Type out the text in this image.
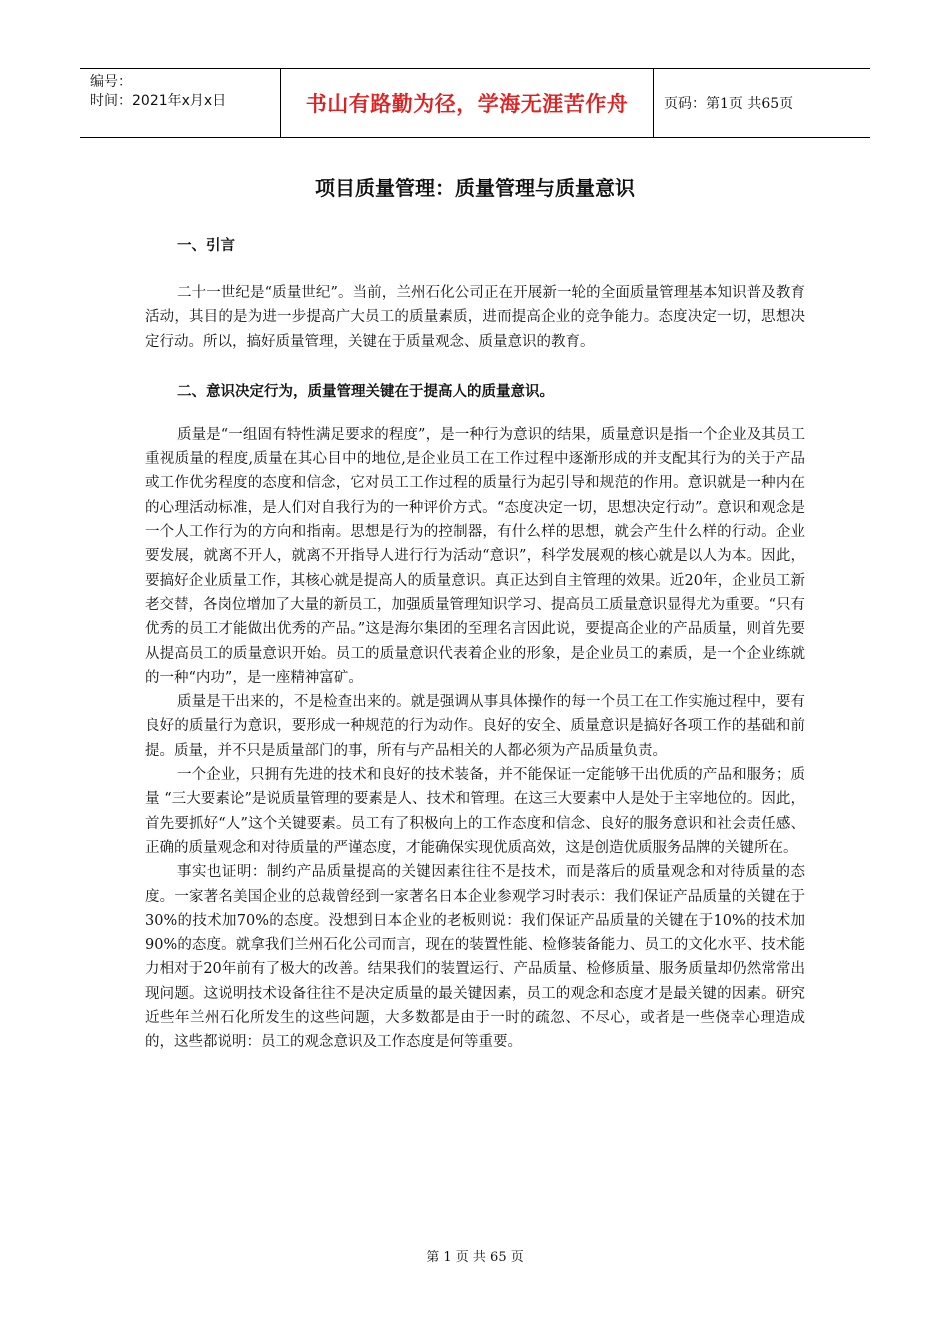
编号：
时间：2021年x月x日	书山有路勤为径，学海无涯苦作舟	页码：第1页 共65页
项目质量管理：质量管理与质量意识
一、引言

二十一世纪是“质量世纪”。当前，兰州石化公司正在开展新一轮的全面质量管理基本知识普及教育活动，其目的是为进一步提高广大员工的质量素质，进而提高企业的竞争能力。态度决定一切，思想决定行动。所以，搞好质量管理，关键在于质量观念、质量意识的教育。

二、意识决定行为，质量管理关键在于提高人的质量意识。

质量是“一组固有特性满足要求的程度”，是一种行为意识的结果，质量意识是指一个企业及其员工重视质量的程度,质量在其心目中的地位,是企业员工在工作过程中逐渐形成的并支配其行为的关于产品或工作优劣程度的态度和信念，它对员工工作过程的质量行为起引导和规范的作用。意识就是一种内在的心理活动标准，是人们对自我行为的一种评价方式。“态度决定一切，思想决定行动”。意识和观念是一个人工作行为的方向和指南。思想是行为的控制器，有什么样的思想，就会产生什么样的行动。企业要发展，就离不开人，就离不开指导人进行行为活动“意识”，科学发展观的核心就是以人为本。因此，要搞好企业质量工作，其核心就是提高人的质量意识。真正达到自主管理的效果。近20年，企业员工新老交替，各岗位增加了大量的新员工，加强质量管理知识学习、提高员工质量意识显得尤为重要。“只有优秀的员工才能做出优秀的产品。”这是海尔集团的至理名言因此说，要提高企业的产品质量，则首先要从提高员工的质量意识开始。员工的质量意识代表着企业的形象，是企业员工的素质，是一个企业练就的一种“内功”，是一座精神富矿。

质量是干出来的，不是检查出来的。就是强调从事具体操作的每一个员工在工作实施过程中，要有良好的质量行为意识，要形成一种规范的行为动作。良好的安全、质量意识是搞好各项工作的基础和前提。质量，并不只是质量部门的事，所有与产品相关的人都必须为产品质量负责。

一个企业，只拥有先进的技术和良好的技术装备，并不能保证一定能够干出优质的产品和服务；质量 “三大要素论”是说质量管理的要素是人、技术和管理。在这三大要素中人是处于主宰地位的。因此，首先要抓好“人”这个关键要素。员工有了积极向上的工作态度和信念、良好的服务意识和社会责任感、正确的质量观念和对待质量的严谨态度，才能确保实现优质高效，这是创造优质服务品牌的关键所在。

事实也证明：制约产品质量提高的关键因素往往不是技术，而是落后的质量观念和对待质量的态度。一家著名美国企业的总裁曾经到一家著名日本企业参观学习时表示：我们保证产品质量的关键在于30%的技术加70%的态度。没想到日本企业的老板则说：我们保证产品质量的关键在于10%的技术加90%的态度。就拿我们兰州石化公司而言，现在的装置性能、检修装备能力、员工的文化水平、技术能力相对于20年前有了极大的改善。结果我们的装置运行、产品质量、检修质量、服务质量却仍然常常出现问题。这说明技术设备往往不是决定质量的最关键因素，员工的观念和态度才是最关键的因素。研究近些年兰州石化所发生的这些问题，大多数都是由于一时的疏忽、不尽心，或者是一些侥幸心理造成的，这些都说明：员工的观念意识及工作态度是何等重要。

第 1 页 共 65 页
